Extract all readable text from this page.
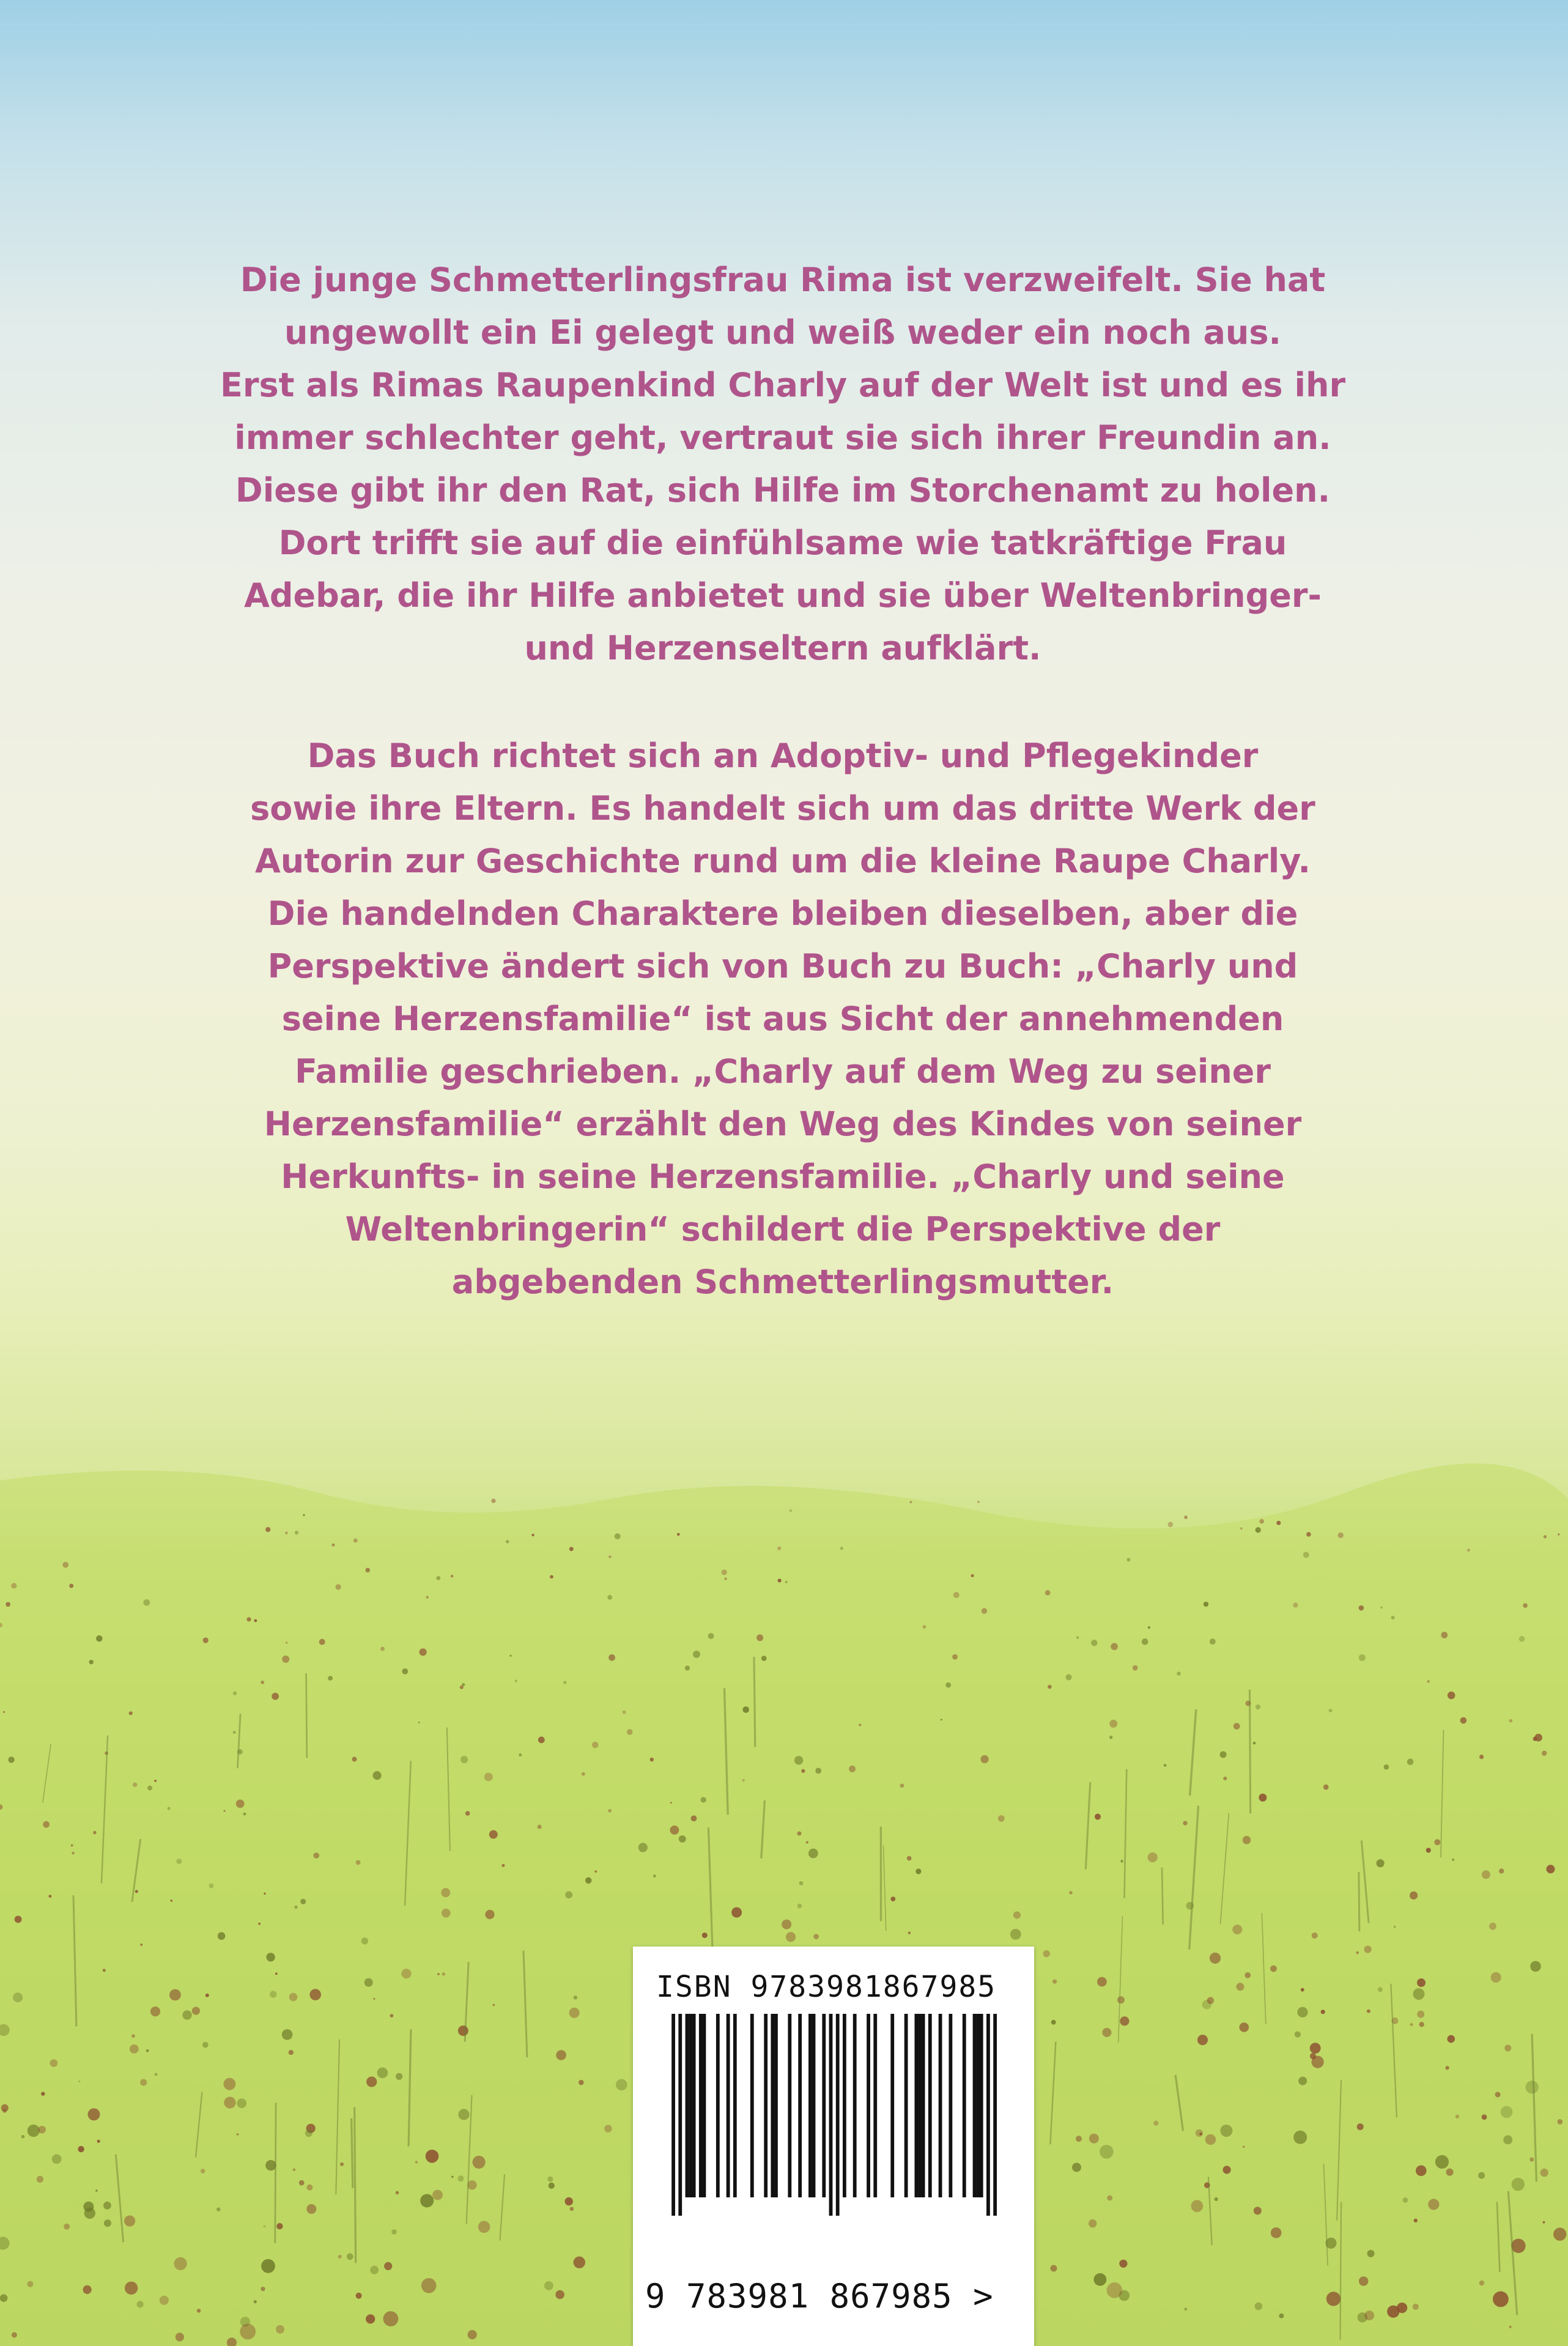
Die junge Schmetterlingsfrau Rima ist verzweifelt. Sie hat
ungewollt ein Ei gelegt und weiß weder ein noch aus.
Erst als Rimas Raupenkind Charly auf der Welt ist und es ihr
immer schlechter geht, vertraut sie sich ihrer Freundin an.
Diese gibt ihr den Rat, sich Hilfe im Storchenamt zu holen.
Dort trifft sie auf die einfühlsame wie tatkräftige Frau
Adebar, die ihr Hilfe anbietet und sie über Weltenbringer-
und Herzenseltern aufklärt.
Das Buch richtet sich an Adoptiv- und Pflegekinder
sowie ihre Eltern. Es handelt sich um das dritte Werk der
Autorin zur Geschichte rund um die kleine Raupe Charly.
Die handelnden Charaktere bleiben dieselben, aber die
Perspektive ändert sich von Buch zu Buch: „Charly und
seine Herzensfamilie“ ist aus Sicht der annehmenden
Familie geschrieben. „Charly auf dem Weg zu seiner
Herzensfamilie“ erzählt den Weg des Kindes von seiner
Herkunfts- in seine Herzensfamilie. „Charly und seine
Weltenbringerin“ schildert die Perspektive der
abgebenden Schmetterlingsmutter.
ISBN 9783981867985
9 783981 867985 >
